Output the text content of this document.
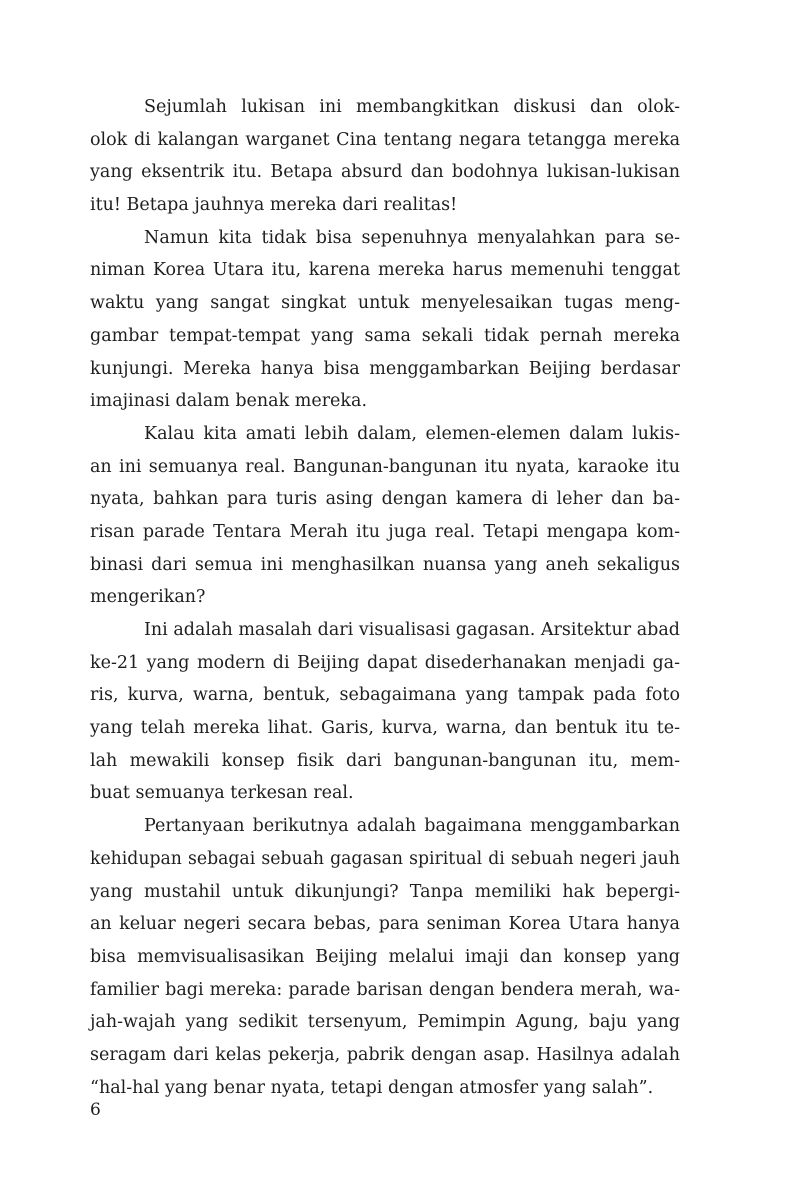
Sejumlah lukisan ini membangkitkan diskusi dan olok-
olok di kalangan warganet Cina tentang negara tetangga mereka
yang eksentrik itu. Betapa absurd dan bodohnya lukisan-lukisan
itu! Betapa jauhnya mereka dari realitas!
Namun kita tidak bisa sepenuhnya menyalahkan para se-
niman Korea Utara itu, karena mereka harus memenuhi tenggat
waktu yang sangat singkat untuk menyelesaikan tugas meng-
gambar tempat-tempat yang sama sekali tidak pernah mereka
kunjungi. Mereka hanya bisa menggambarkan Beijing berdasar
imajinasi dalam benak mereka.
Kalau kita amati lebih dalam, elemen-elemen dalam lukis-
an ini semuanya real. Bangunan-bangunan itu nyata, karaoke itu
nyata, bahkan para turis asing dengan kamera di leher dan ba-
risan parade Tentara Merah itu juga real. Tetapi mengapa kom-
binasi dari semua ini menghasilkan nuansa yang aneh sekaligus
mengerikan?
Ini adalah masalah dari visualisasi gagasan. Arsitektur abad
ke-21 yang modern di Beijing dapat disederhanakan menjadi ga-
ris, kurva, warna, bentuk, sebagaimana yang tampak pada foto
yang telah mereka lihat. Garis, kurva, warna, dan bentuk itu te-
lah mewakili konsep fisik dari bangunan-bangunan itu, mem-
buat semuanya terkesan real.
Pertanyaan berikutnya adalah bagaimana menggambarkan
kehidupan sebagai sebuah gagasan spiritual di sebuah negeri jauh
yang mustahil untuk dikunjungi? Tanpa memiliki hak bepergi-
an keluar negeri secara bebas, para seniman Korea Utara hanya
bisa memvisualisasikan Beijing melalui imaji dan konsep yang
familier bagi mereka: parade barisan dengan bendera merah, wa-
jah-wajah yang sedikit tersenyum, Pemimpin Agung, baju yang
seragam dari kelas pekerja, pabrik dengan asap. Hasilnya adalah
“hal-hal yang benar nyata, tetapi dengan atmosfer yang salah”.
6
